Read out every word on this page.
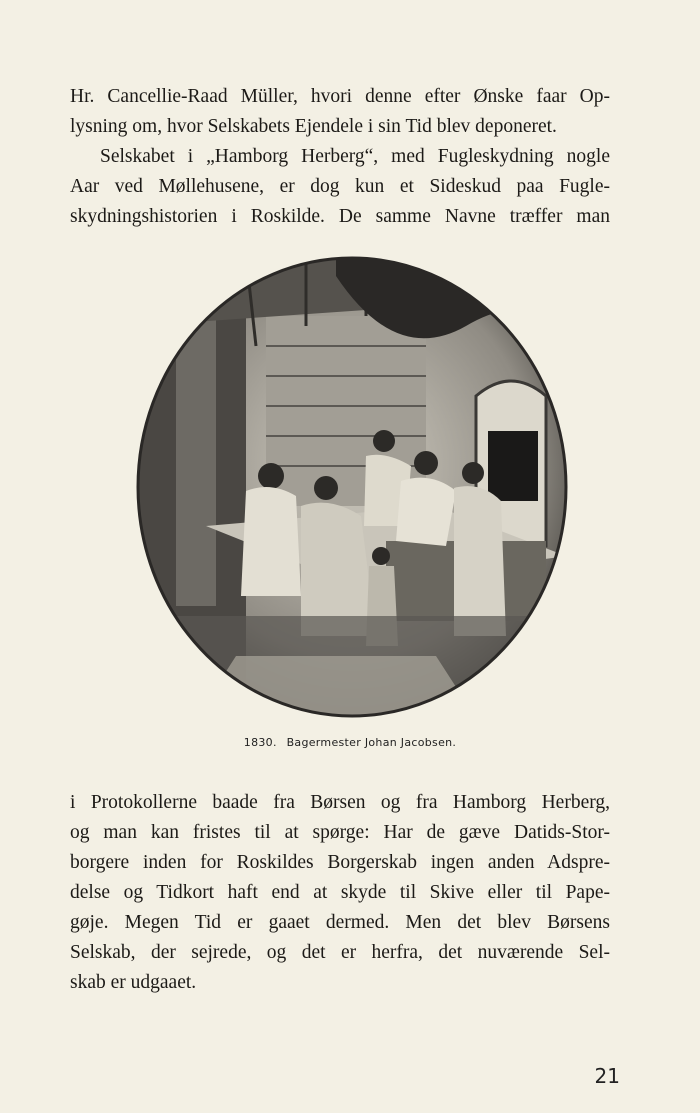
Hr. Cancellie-Raad Müller, hvori denne efter Ønske faar Op-
lysning om, hvor Selskabets Ejendele i sin Tid blev deponeret.
Selskabet i „Hamborg Herberg“, med Fugleskydning nogle
Aar ved Møllehusene, er dog kun et Sideskud paa Fugle-
skydningshistorien i Roskilde. De samme Navne træffer man
1830. Bagermester Johan Jacobsen.
i Protokollerne baade fra Børsen og fra Hamborg Herberg,
og man kan fristes til at spørge: Har de gæve Datids-Stor-
borgere inden for Roskildes Borgerskab ingen anden Adspre-
delse og Tidkort haft end at skyde til Skive eller til Pape-
gøje. Megen Tid er gaaet dermed. Men det blev Børsens
Selskab, der sejrede, og det er herfra, det nuværende Sel-
skab er udgaaet.
21
